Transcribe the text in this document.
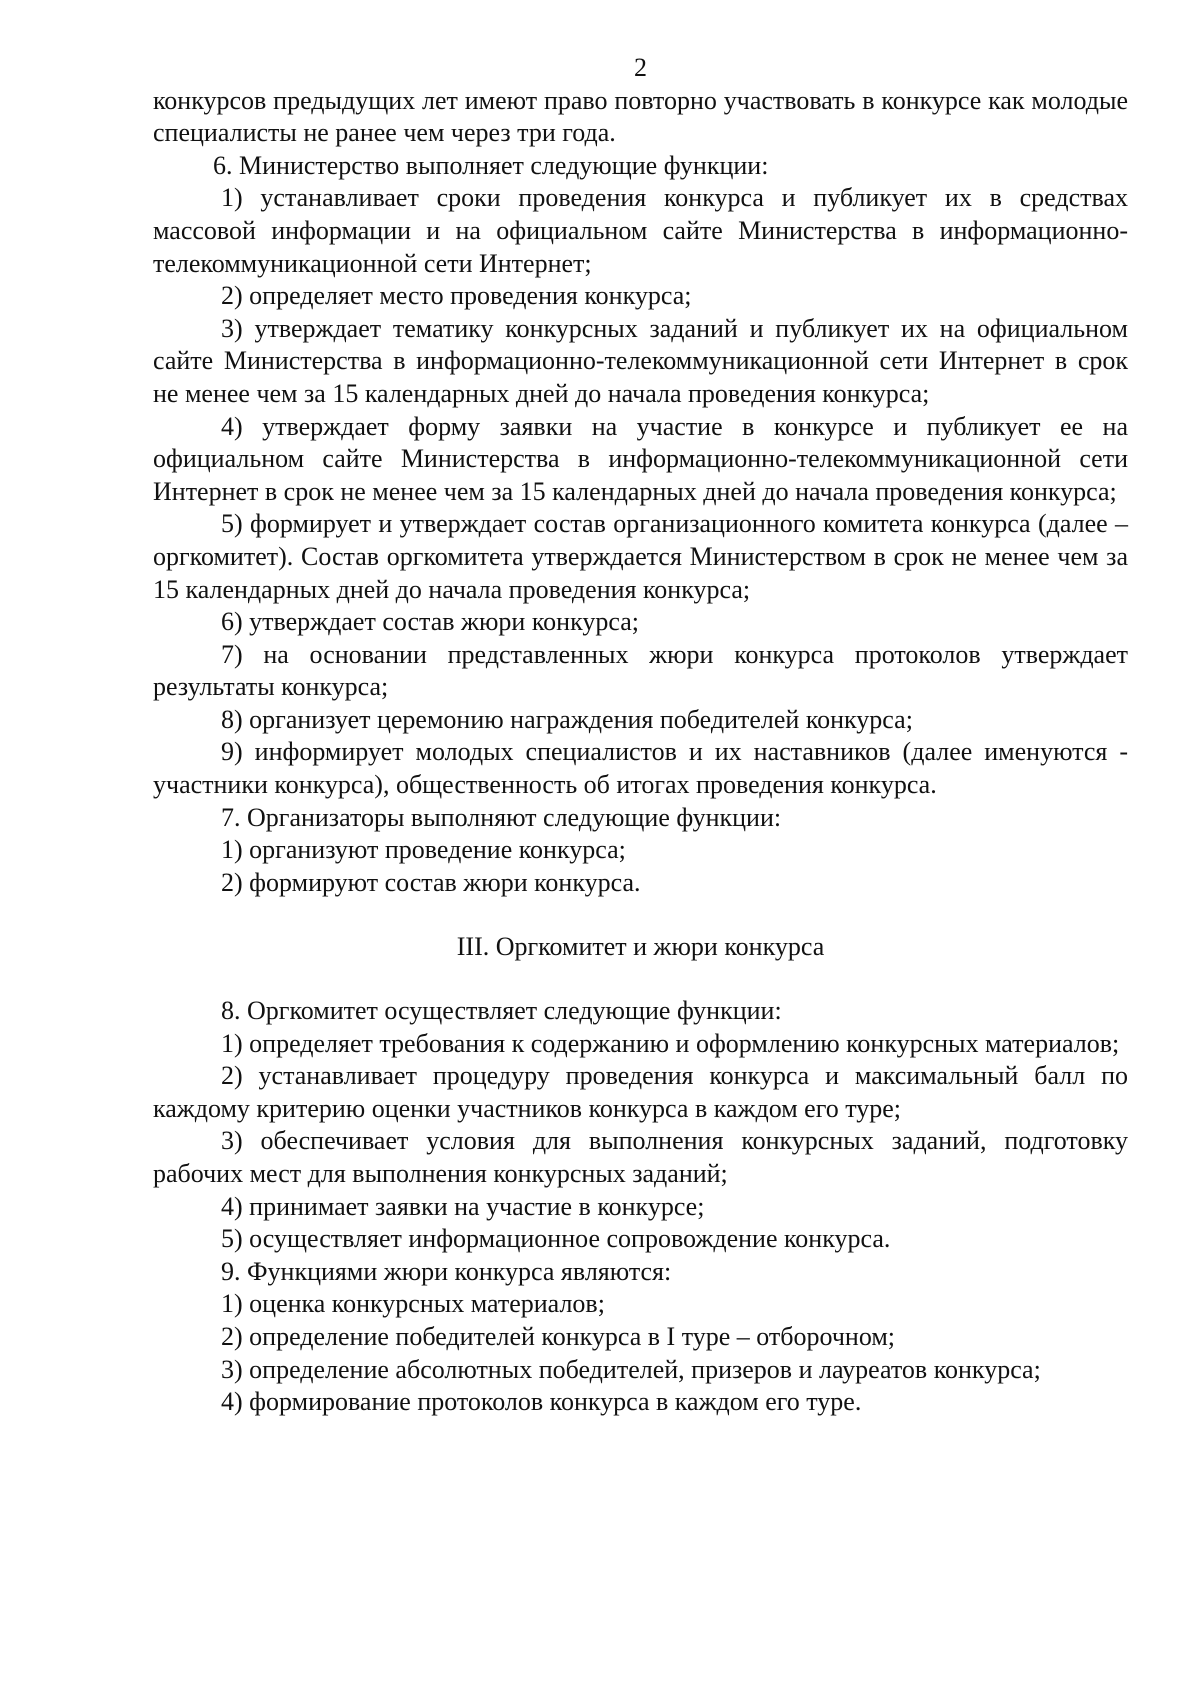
2

конкурсов предыдущих лет имеют право повторно участвовать в конкурсе как молодые специалисты не ранее чем через три года.

6. Министерство выполняет следующие функции:

1) устанавливает сроки проведения конкурса и публикует их в средствах массовой информации и на официальном сайте Министерства в информационно-телекоммуникационной сети Интернет;

2) определяет место проведения конкурса;

3) утверждает тематику конкурсных заданий и публикует их на официальном сайте Министерства в информационно-телекоммуникационной сети Интернет в срок не менее чем за 15 календарных дней до начала проведения конкурса;

4) утверждает форму заявки на участие в конкурсе и публикует ее на официальном сайте Министерства в информационно-телекоммуникационной сети Интернет в срок не менее чем за 15 календарных дней до начала проведения конкурса;

5) формирует и утверждает состав организационного комитета конкурса (далее – оргкомитет). Состав оргкомитета утверждается Министерством в срок не менее чем за 15 календарных дней до начала проведения конкурса;

6) утверждает состав жюри конкурса;

7) на основании представленных жюри конкурса протоколов утверждает результаты конкурса;

8) организует церемонию награждения победителей конкурса;

9) информирует молодых специалистов и их наставников (далее именуются - участники конкурса), общественность об итогах проведения конкурса.

7. Организаторы выполняют следующие функции:

1) организуют проведение конкурса;

2) формируют состав жюри конкурса.

III. Оргкомитет и жюри конкурса

8. Оргкомитет осуществляет следующие функции:

1) определяет требования к содержанию и оформлению конкурсных материалов;

2) устанавливает процедуру проведения конкурса и максимальный балл по каждому критерию оценки участников конкурса в каждом его туре;

3) обеспечивает условия для выполнения конкурсных заданий, подготовку рабочих мест для выполнения конкурсных заданий;

4) принимает заявки на участие в конкурсе;

5) осуществляет информационное сопровождение конкурса.

9. Функциями жюри конкурса являются:

1) оценка конкурсных материалов;

2) определение победителей конкурса в I туре – отборочном;

3) определение абсолютных победителей, призеров и лауреатов конкурса;

4) формирование протоколов конкурса в каждом его туре.
